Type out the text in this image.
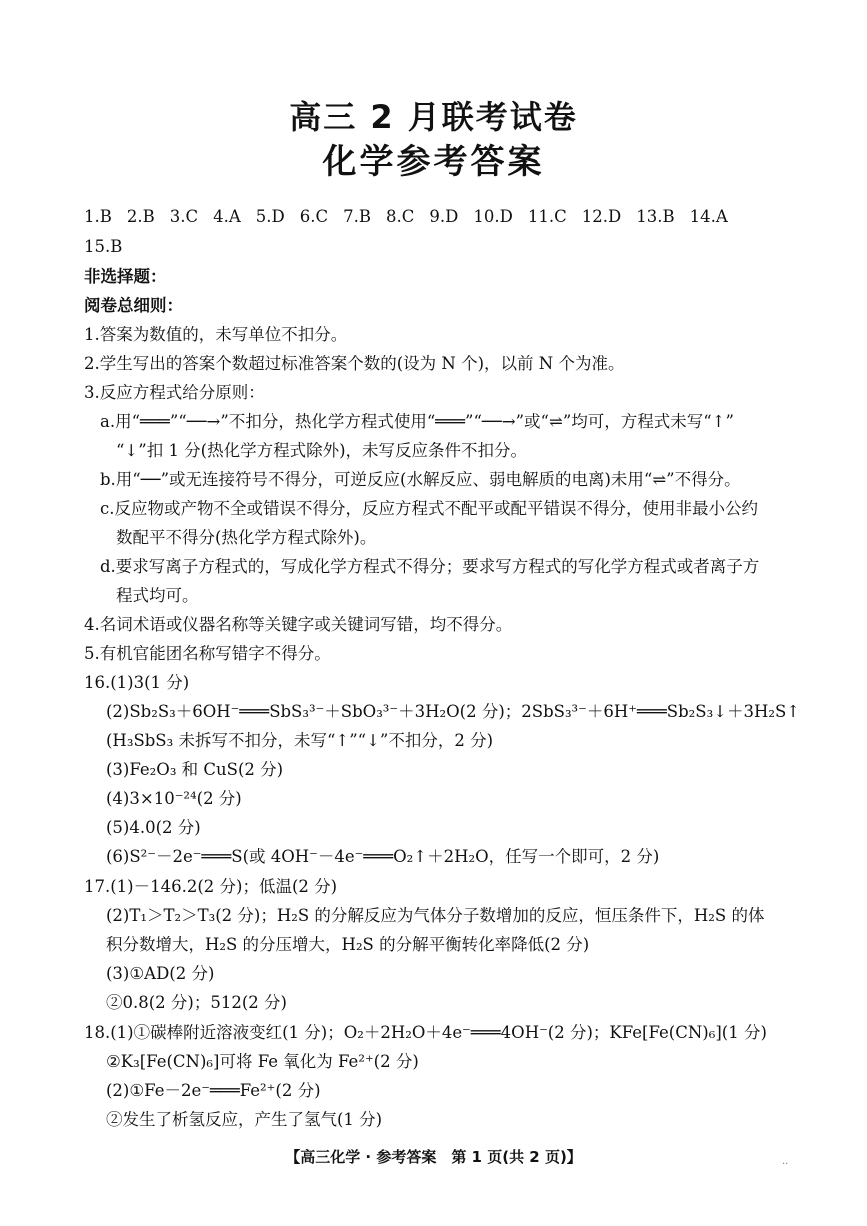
高三 2 月联考试卷
化学参考答案
1.B 2.B 3.C 4.A 5.D 6.C 7.B 8.C 9.D 10.D 11.C 12.D 13.B 14.A
15.B
非选择题：
阅卷总细则：
1.答案为数值的，未写单位不扣分。
2.学生写出的答案个数超过标准答案个数的(设为 N 个)，以前 N 个为准。
3.反应方程式给分原则：
a.用“═══”“──→”不扣分，热化学方程式使用“═══”“──→”或“⇌”均可，方程式未写“↑”
“↓”扣 1 分(热化学方程式除外)，未写反应条件不扣分。
b.用“──”或无连接符号不得分，可逆反应(水解反应、弱电解质的电离)未用“⇌”不得分。
c.反应物或产物不全或错误不得分，反应方程式不配平或配平错误不得分，使用非最小公约
数配平不得分(热化学方程式除外)。
d.要求写离子方程式的，写成化学方程式不得分；要求写方程式的写化学方程式或者离子方
程式均可。
4.名词术语或仪器名称等关键字或关键词写错，均不得分。
5.有机官能团名称写错字不得分。
16.(1)3(1 分)
(2)Sb₂S₃＋6OH⁻═══SbS₃³⁻＋SbO₃³⁻＋3H₂O(2 分)；2SbS₃³⁻＋6H⁺═══Sb₂S₃↓＋3H₂S↑
(H₃SbS₃ 未拆写不扣分，未写“↑”“↓”不扣分，2 分)
(3)Fe₂O₃ 和 CuS(2 分)
(4)3×10⁻²⁴(2 分)
(5)4.0(2 分)
(6)S²⁻－2e⁻═══S(或 4OH⁻－4e⁻═══O₂↑＋2H₂O，任写一个即可，2 分)
17.(1)－146.2(2 分)；低温(2 分)
(2)T₁＞T₂＞T₃(2 分)；H₂S 的分解反应为气体分子数增加的反应，恒压条件下，H₂S 的体
积分数增大，H₂S 的分压增大，H₂S 的分解平衡转化率降低(2 分)
(3)①AD(2 分)
②0.8(2 分)；512(2 分)
18.(1)①碳棒附近溶液变红(1 分)；O₂＋2H₂O＋4e⁻═══4OH⁻(2 分)；KFe[Fe(CN)₆](1 分)
②K₃[Fe(CN)₆]可将 Fe 氧化为 Fe²⁺(2 分)
(2)①Fe－2e⁻═══Fe²⁺(2 分)
②发生了析氢反应，产生了氢气(1 分)
【高三化学 · 参考答案　第 1 页(共 2 页)】	..
